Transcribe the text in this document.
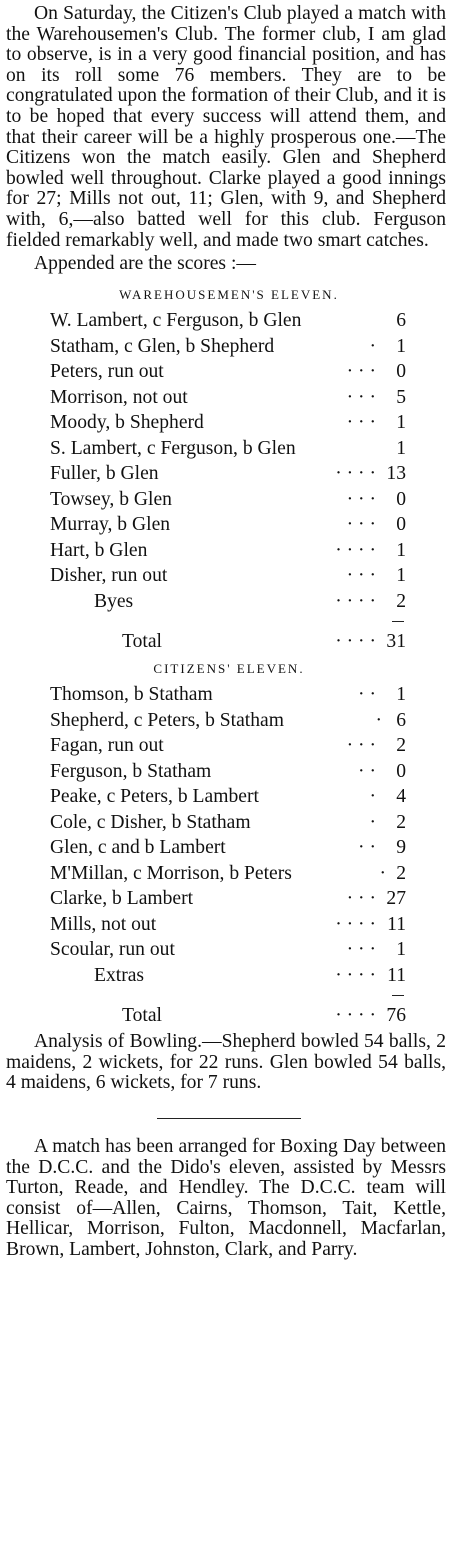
On Saturday, the Citizen's Club played a match with the Warehousemen's Club. The former club, I am glad to observe, is in a very good financial position, and has on its roll some 76 members. They are to be congratulated upon the formation of their Club, and it is to be hoped that every success will attend them, and that their career will be a highly prosperous one.—The Citizens won the match easily. Glen and Shepherd bowled well throughout. Clarke played a good innings for 27; Mills not out, 11; Glen, with 9, and Shepherd with, 6,—also batted well for this club. Ferguson fielded remarkably well, and made two smart catches.

Appended are the scores :—

WAREHOUSEMEN'S ELEVEN.
W. Lambert, c Ferguson, b Glen	6
Statham, c Glen, b Shepherd	· 1
Peters, run out	· · · 0
Morrison, not out	· · · 5
Moody, b Shepherd	· · · 1
S. Lambert, c Ferguson, b Glen	1
Fuller, b Glen	· · · · 13
Towsey, b Glen	· · · 0
Murray, b Glen	· · · 0
Hart, b Glen	· · · · 1
Disher, run out	· · · 1
Byes	· · · · 2
Total	· · · · 31
CITIZENS' ELEVEN.
Thomson, b Statham	· · 1
Shepherd, c Peters, b Statham	· 6
Fagan, run out	· · · 2
Ferguson, b Statham	· · 0
Peake, c Peters, b Lambert	· 4
Cole, c Disher, b Statham	· 2
Glen, c and b Lambert	· · 9
M'Millan, c Morrison, b Peters	· 2
Clarke, b Lambert	· · · 27
Mills, not out	· · · · 11
Scoular, run out	· · · 1
Extras	· · · · 11
Total	· · · · 76

Analysis of Bowling.—Shepherd bowled 54 balls, 2 maidens, 2 wickets, for 22 runs. Glen bowled 54 balls, 4 maidens, 6 wickets, for 7 runs.

A match has been arranged for Boxing Day between the D.C.C. and the Dido's eleven, assisted by Messrs Turton, Reade, and Hendley. The D.C.C. team will consist of—Allen, Cairns, Thomson, Tait, Kettle, Hellicar, Morrison, Fulton, Macdonnell, Macfarlan, Brown, Lambert, Johnston, Clark, and Parry.
